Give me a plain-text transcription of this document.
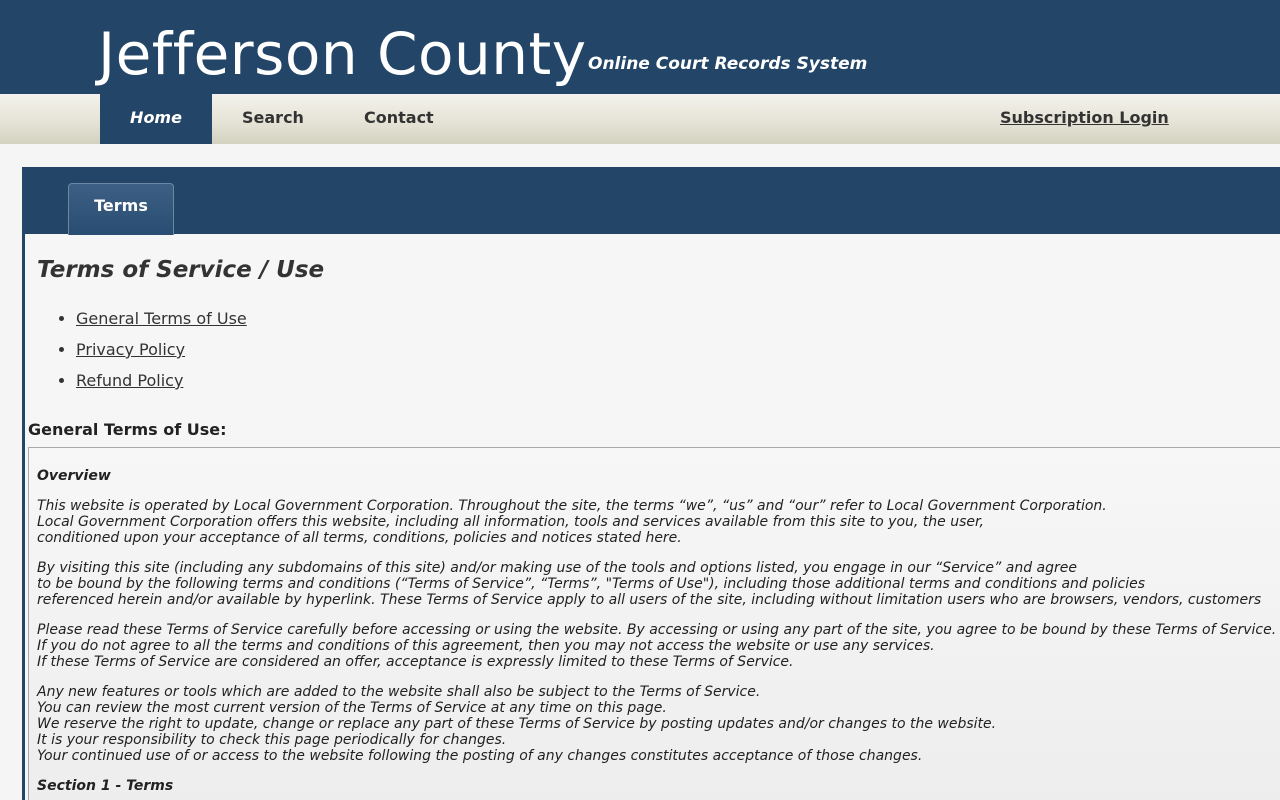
Jefferson County Online Court Records System
Home	Search	Contact	Subscription Login
Terms
Terms of Service / Use
• General Terms of Use
• Privacy Policy
• Refund Policy
General Terms of Use:
Overview

This website is operated by Local Government Corporation. Throughout the site, the terms “we”, “us” and “our” refer to Local Government Corporation.
Local Government Corporation offers this website, including all information, tools and services available from this site to you, the user,
conditioned upon your acceptance of all terms, conditions, policies and notices stated here.

By visiting this site (including any subdomains of this site) and/or making use of the tools and options listed, you engage in our “Service” and agree
to be bound by the following terms and conditions (“Terms of Service”, “Terms”, "Terms of Use"), including those additional terms and conditions and policies
referenced herein and/or available by hyperlink. These Terms of Service apply to all users of the site, including without limitation users who are browsers, vendors, customers

Please read these Terms of Service carefully before accessing or using the website. By accessing or using any part of the site, you agree to be bound by these Terms of Service.
If you do not agree to all the terms and conditions of this agreement, then you may not access the website or use any services.
If these Terms of Service are considered an offer, acceptance is expressly limited to these Terms of Service.

Any new features or tools which are added to the website shall also be subject to the Terms of Service.
You can review the most current version of the Terms of Service at any time on this page.
We reserve the right to update, change or replace any part of these Terms of Service by posting updates and/or changes to the website.
It is your responsibility to check this page periodically for changes.
Your continued use of or access to the website following the posting of any changes constitutes acceptance of those changes.

Section 1 - Terms
